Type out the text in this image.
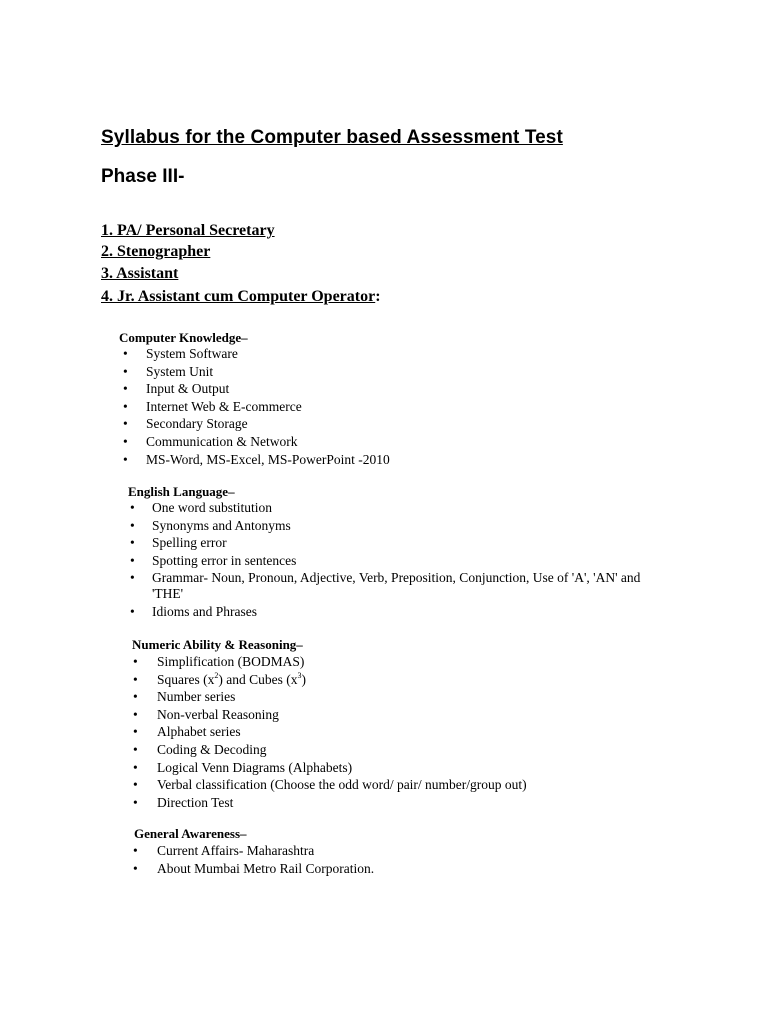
Syllabus for the Computer based Assessment Test
Phase III-
1. PA/ Personal Secretary
2. Stenographer
3. Assistant
4. Jr. Assistant cum Computer Operator:
Computer Knowledge–
• System Software
• System Unit
• Input & Output
• Internet Web & E-commerce
• Secondary Storage
• Communication & Network
• MS-Word, MS-Excel, MS-PowerPoint -2010
English Language–
• One word substitution
• Synonyms and Antonyms
• Spelling error
• Spotting error in sentences
• Grammar- Noun, Pronoun, Adjective, Verb, Preposition, Conjunction, Use of 'A', 'AN' and 'THE'
• Idioms and Phrases
Numeric Ability & Reasoning–
• Simplification (BODMAS)
• Squares $(x^2)$ and Cubes $(x^3)$
• Number series
• Non-verbal Reasoning
• Alphabet series
• Coding & Decoding
• Logical Venn Diagrams (Alphabets)
• Verbal classification (Choose the odd word/ pair/ number/group out)
• Direction Test
General Awareness–
• Current Affairs- Maharashtra
• About Mumbai Metro Rail Corporation.
